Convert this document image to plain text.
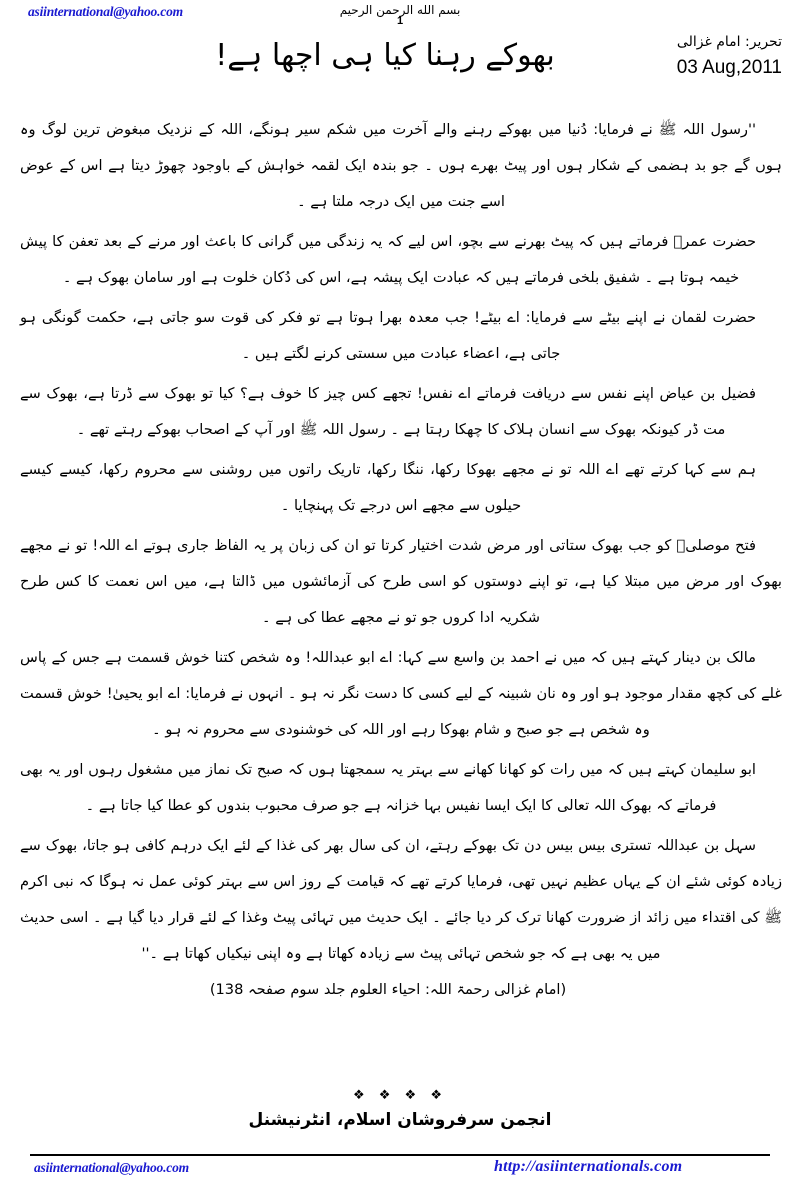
asiinternational@yahoo.com	بسم الله الرحمن الرحيم
1
بھوکے رہنا کیا ہی اچھا ہے!	تحریر: امام غزالی
03 Aug,2011

''رسول اللہ ﷺ نے فرمایا: دُنیا میں بھوکے رہنے والے آخرت میں شکم سیر ہونگے، اللہ کے نزدیک مبغوض ترین لوگ وہ ہوں گے جو بد ہضمی کے شکار ہوں اور پیٹ بھرے ہوں ۔ جو بندہ ایک لقمہ خواہش کے باوجود چھوڑ دیتا ہے اس کے عوض اسے جنت میں ایک درجہ ملتا ہے ۔

حضرت عمرؓ فرماتے ہیں کہ پیٹ بھرنے سے بچو، اس لیے کہ یہ زندگی میں گرانی کا باعث اور مرنے کے بعد تعفن کا پیش خیمہ ہوتا ہے ۔ شفیق بلخی فرماتے ہیں کہ عبادت ایک پیشہ ہے، اس کی دُکان خلوت ہے اور سامان بھوک ہے ۔

حضرت لقمان نے اپنے بیٹے سے فرمایا: اے بیٹے! جب معدہ بھرا ہوتا ہے تو فکر کی قوت سو جاتی ہے، حکمت گونگی ہو جاتی ہے، اعضاء عبادت میں سستی کرنے لگتے ہیں ۔

فضیل بن عیاض اپنے نفس سے دریافت فرماتے اے نفس! تجھے کس چیز کا خوف ہے؟ کیا تو بھوک سے ڈرتا ہے، بھوک سے مت ڈر کیونکہ بھوک سے انسان ہلاک کا چھکا رہتا ہے ۔ رسول اللہ ﷺ اور آپ کے اصحاب بھوکے رہتے تھے ۔

ہم سے کہا کرتے تھے اے اللہ تو نے مجھے بھوکا رکھا، ننگا رکھا، تاریک راتوں میں روشنی سے محروم رکھا، کیسے کیسے حیلوں سے مجھے اس درجے تک پہنچایا ۔

فتح موصلیؒ کو جب بھوک ستاتی اور مرض شدت اختیار کرتا تو ان کی زبان پر یہ الفاظ جاری ہوتے اے اللہ! تو نے مجھے بھوک اور مرض میں مبتلا کیا ہے، تو اپنے دوستوں کو اسی طرح کی آزمائشوں میں ڈالتا ہے، میں اس نعمت کا کس طرح شکریہ ادا کروں جو تو نے مجھے عطا کی ہے ۔

مالک بن دینار کہتے ہیں کہ میں نے احمد بن واسع سے کہا: اے ابو عبداللہ! وہ شخص کتنا خوش قسمت ہے جس کے پاس غلے کی کچھ مقدار موجود ہو اور وہ نان شبینہ کے لیے کسی کا دست نگر نہ ہو ۔ انہوں نے فرمایا: اے ابو یحییٰ! خوش قسمت وہ شخص ہے جو صبح و شام بھوکا رہے اور اللہ کی خوشنودی سے محروم نہ ہو ۔

ابو سلیمان کہتے ہیں کہ میں رات کو کھانا کھانے سے بہتر یہ سمجھتا ہوں کہ صبح تک نماز میں مشغول رہوں اور یہ بھی فرماتے کہ بھوک اللہ تعالی کا ایک ایسا نفیس بہا خزانہ ہے جو صرف محبوب بندوں کو عطا کیا جاتا ہے ۔

سہل بن عبداللہ تستری بیس بیس دن تک بھوکے رہتے، ان کی سال بھر کی غذا کے لئے ایک درہم کافی ہو جاتا، بھوک سے زیادہ کوئی شئے ان کے یہاں عظیم نہیں تھی، فرمایا کرتے تھے کہ قیامت کے روز اس سے بہتر کوئی عمل نہ ہوگا کہ نبی اکرم ﷺ کی اقتداء میں زائد از ضرورت کھانا ترک کر دیا جائے ۔ ایک حدیث میں تہائی پیٹ وغذا کے لئے قرار دیا گیا ہے ۔ اسی حدیث میں یہ بھی ہے کہ جو شخص تہائی پیٹ سے زیادہ کھاتا ہے وہ اپنی نیکیاں کھاتا ہے ۔''

(امام غزالی رحمۃ اللہ: احیاء العلوم جلد سوم صفحہ 138)

❖ ❖ ❖ ❖
انجمن سرفروشان اسلام، انٹرنیشنل
asiinternational@yahoo.com	http://asiinternationals.com
